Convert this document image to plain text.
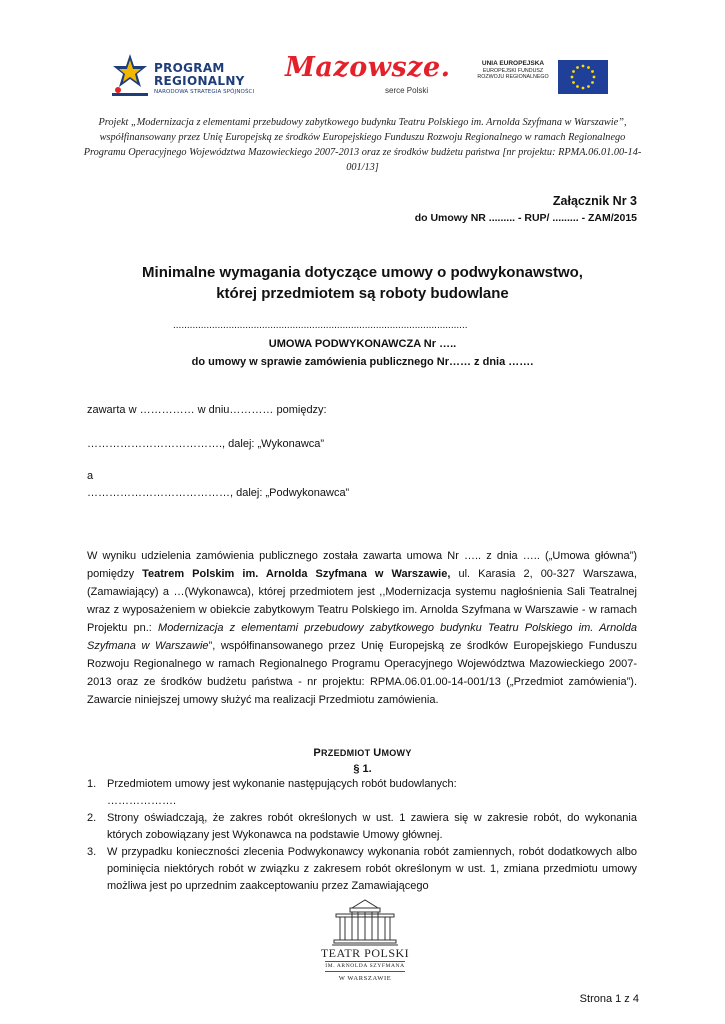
PROGRAM
REGIONALNY
NARODOWA STRATEGIA SPÓJNOŚCI
Mazowsze.
serce Polski
UNIA EUROPEJSKA
EUROPEJSKI FUNDUSZ
ROZWOJU REGIONALNEGO
Projekt „Modernizacja z elementami przebudowy zabytkowego budynku Teatru Polskiego im. Arnolda Szyfmana w Warszawie”, współfinansowany przez Unię Europejską ze środków Europejskiego Funduszu Rozwoju Regionalnego w ramach Regionalnego Programu Operacyjnego Województwa Mazowieckiego 2007-2013 oraz ze środków budżetu państwa [nr projektu: RPMA.06.01.00-14-001/13]
Załącznik Nr 3
do Umowy NR ......... - RUP/ ......... - ZAM/2015
Minimalne wymagania dotyczące umowy o podwykonawstwo,
której przedmiotem są roboty budowlane
..........................................................................................................
UMOWA PODWYKONAWCZA Nr …..
do umowy w sprawie zamówienia publicznego Nr…… z dnia …….
zawarta w …………… w dniu………… pomiędzy:
………………………………., dalej: „Wykonawca”
a
…………………………………, dalej: „Podwykonawca”
W wyniku udzielenia zamówienia publicznego została zawarta umowa Nr ….. z dnia ….. („Umowa główna”) pomiędzy Teatrem Polskim im. Arnolda Szyfmana w Warszawie, ul. Karasia 2, 00-327 Warszawa, (Zamawiający) a …(Wykonawca), której przedmiotem jest ,,Modernizacja systemu nagłośnienia Sali Teatralnej wraz z wyposażeniem w obiekcie zabytkowym Teatru Polskiego im. Arnolda Szyfmana w Warszawie - w ramach Projektu pn.: Modernizacja z elementami przebudowy zabytkowego budynku Teatru Polskiego im. Arnolda Szyfmana w Warszawie”, współfinansowanego przez Unię Europejską ze środków Europejskiego Funduszu Rozwoju Regionalnego w ramach Regionalnego Programu Operacyjnego Województwa Mazowieckiego 2007-2013 oraz ze środków budżetu państwa - nr projektu: RPMA.06.01.00-14-001/13 („Przedmiot zamówienia”). Zawarcie niniejszej umowy służyć ma realizacji Przedmiotu zamówienia.
PRZEDMIOT UMOWY
§ 1.
1. Przedmiotem umowy jest wykonanie następujących robót budowlanych:
……………….
2. Strony oświadczają, że zakres robót określonych w ust. 1 zawiera się w zakresie robót, do wykonania których zobowiązany jest Wykonawca na podstawie Umowy głównej.
3. W przypadku konieczności zlecenia Podwykonawcy wykonania robót zamiennych, robót dodatkowych albo pominięcia niektórych robót w związku z zakresem robót określonym w ust. 1, zmiana przedmiotu umowy możliwa jest po uprzednim zaakceptowaniu przez Zamawiającego
TEATR POLSKI
IM. ARNOLDA SZYFMANA
W WARSZAWIE
Strona 1 z 4
